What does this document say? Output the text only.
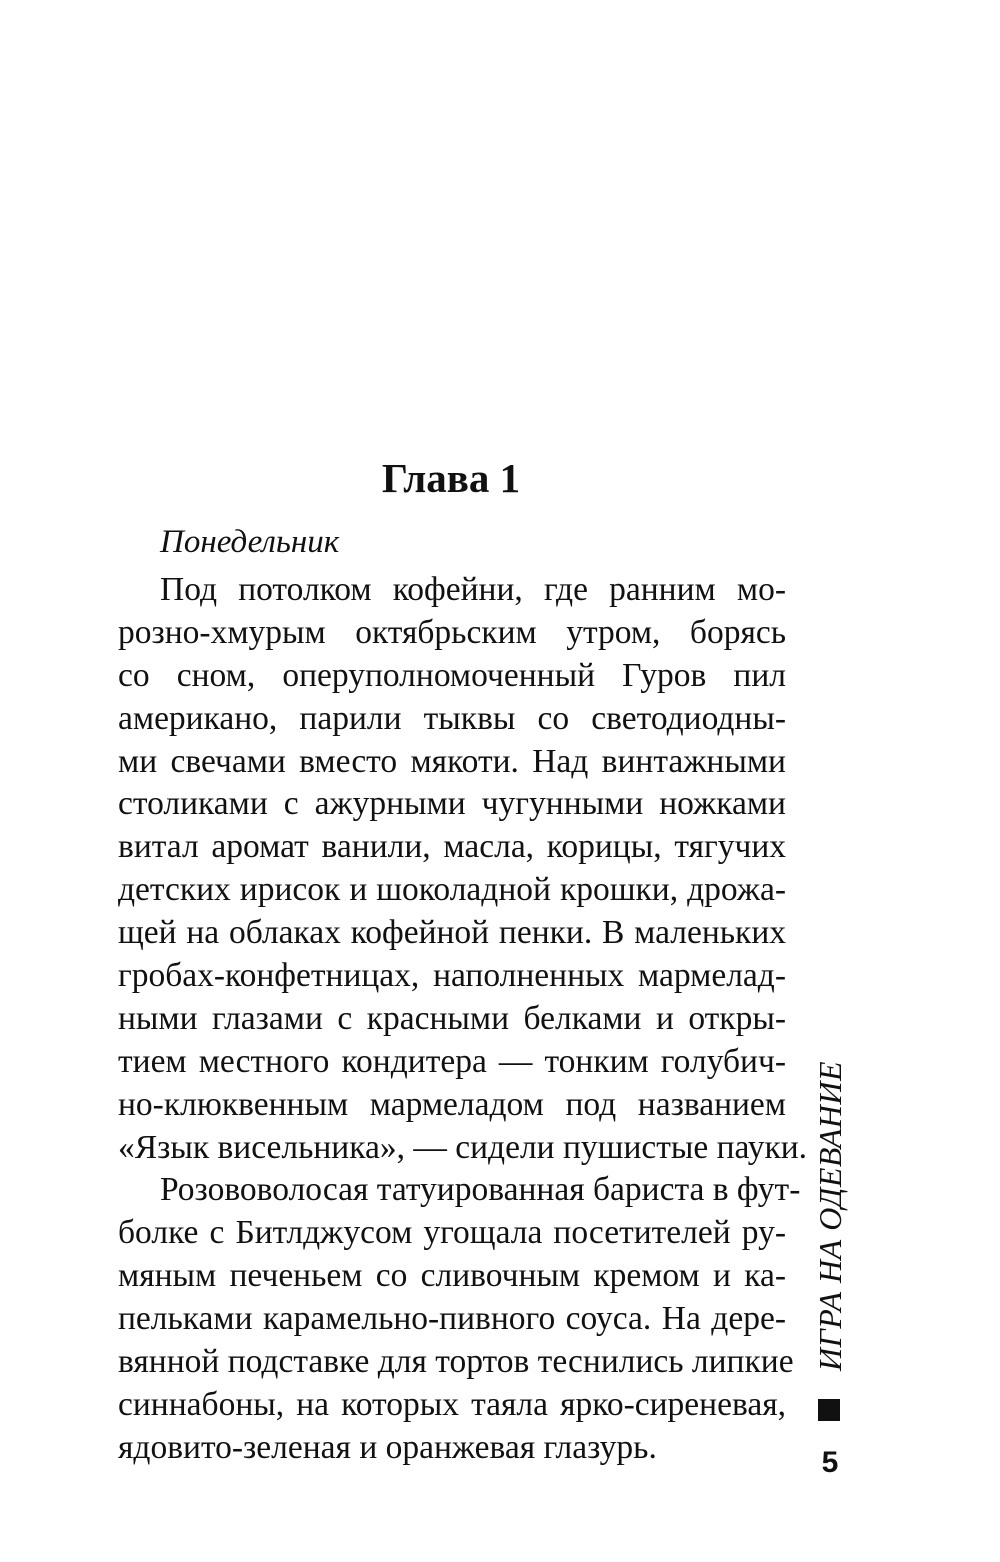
Глава 1

Понедельник

Под потолком кофейни, где ранним мо-
розно-хмурым октябрьским утром, борясь
со сном, оперуполномоченный Гуров пил
американо, парили тыквы со светодиодны-
ми свечами вместо мякоти. Над винтажными
столиками с ажурными чугунными ножками
витал аромат ванили, масла, корицы, тягучих
детских ирисок и шоколадной крошки, дрожа-
щей на облаках кофейной пенки. В маленьких
гробах-конфетницах, наполненных мармелад-
ными глазами с красными белками и откры-
тием местного кондитера — тонким голубич-
но-клюквенным мармеладом под названием
«Язык висельника», — сидели пушистые пауки.
Розововолосая татуированная бариста в фут-
болке с Битлджусом угощала посетителей ру-
мяным печеньем со сливочным кремом и ка-
пельками карамельно-пивного соуса. На дере-
вянной подставке для тортов теснились липкие
синнабоны, на которых таяла ярко-сиреневая,
ядовито-зеленая и оранжевая глазурь.
ИГРА НА ОДЕВАНИЕ
5
